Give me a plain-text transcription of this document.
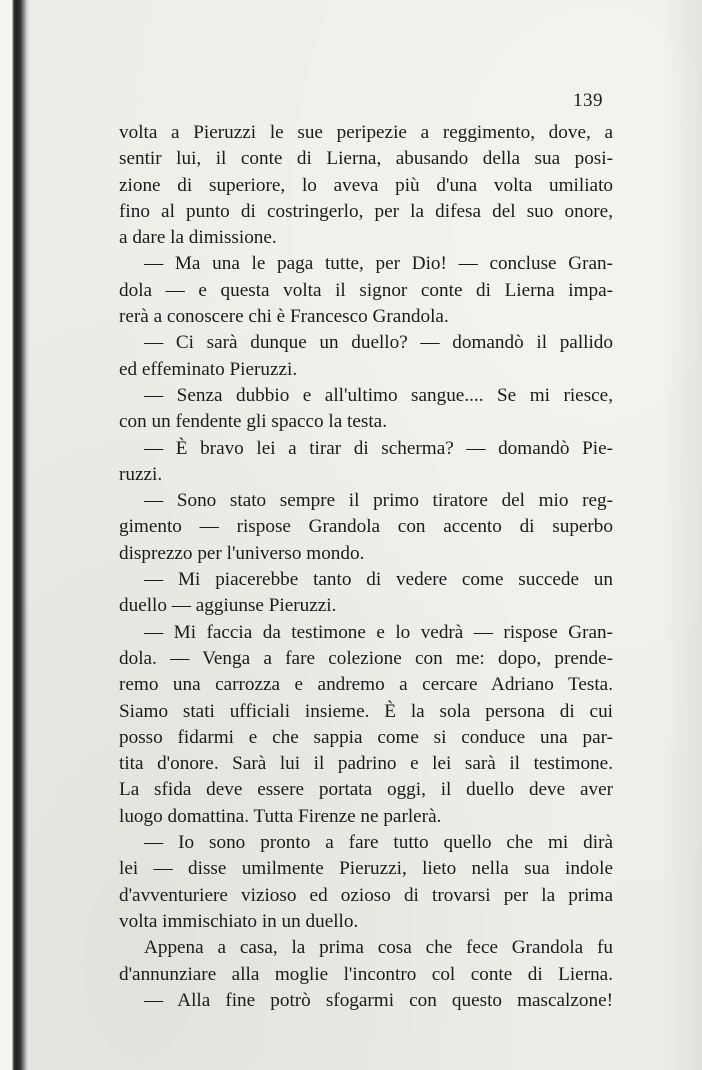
139
volta a Pieruzzi le sue peripezie a reggimento, dove, a
sentir lui, il conte di Lierna, abusando della sua posi-
zione di superiore, lo aveva più d'una volta umiliato
fino al punto di costringerlo, per la difesa del suo onore,
a dare la dimissione.
— Ma una le paga tutte, per Dio! — concluse Gran-
dola — e questa volta il signor conte di Lierna impa-
rerà a conoscere chi è Francesco Grandola.
— Ci sarà dunque un duello? — domandò il pallido
ed effeminato Pieruzzi.
— Senza dubbio e all'ultimo sangue.... Se mi riesce,
con un fendente gli spacco la testa.
— È bravo lei a tirar di scherma? — domandò Pie-
ruzzi.
— Sono stato sempre il primo tiratore del mio reg-
gimento — rispose Grandola con accento di superbo
disprezzo per l'universo mondo.
— Mi piacerebbe tanto di vedere come succede un
duello — aggiunse Pieruzzi.
— Mi faccia da testimone e lo vedrà — rispose Gran-
dola. — Venga a fare colezione con me: dopo, prende-
remo una carrozza e andremo a cercare Adriano Testa.
Siamo stati ufficiali insieme. È la sola persona di cui
posso fidarmi e che sappia come si conduce una par-
tita d'onore. Sarà lui il padrino e lei sarà il testimone.
La sfida deve essere portata oggi, il duello deve aver
luogo domattina. Tutta Firenze ne parlerà.
— Io sono pronto a fare tutto quello che mi dirà
lei — disse umilmente Pieruzzi, lieto nella sua indole
d'avventuriere vizioso ed ozioso di trovarsi per la prima
volta immischiato in un duello.
Appena a casa, la prima cosa che fece Grandola fu
d'annunziare alla moglie l'incontro col conte di Lierna.
— Alla fine potrò sfogarmi con questo mascalzone!
